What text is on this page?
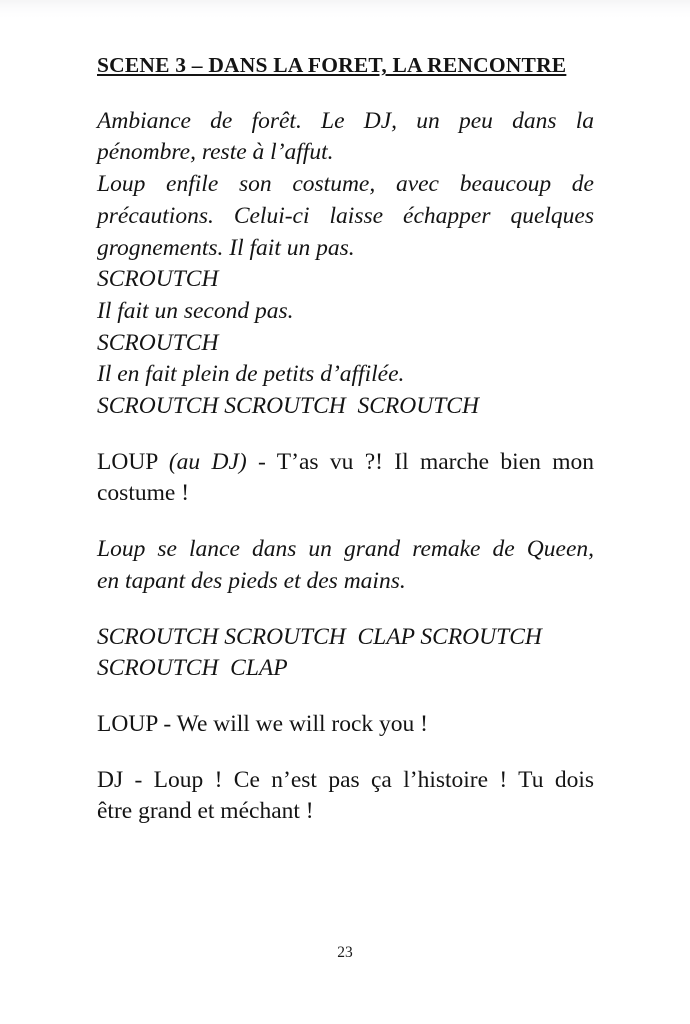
SCENE 3 – DANS LA FORET, LA RENCONTRE
Ambiance de forêt. Le DJ, un peu dans la
pénombre, reste à l’affut.
Loup enfile son costume, avec beaucoup de
précautions. Celui-ci laisse échapper quelques
grognements. Il fait un pas.
SCROUTCH
Il fait un second pas.
SCROUTCH
Il en fait plein de petits d’affilée.
SCROUTCH SCROUTCH  SCROUTCH
LOUP (au DJ) - T’as vu ?! Il marche bien mon
costume !
Loup se lance dans un grand remake de Queen,
en tapant des pieds et des mains.
SCROUTCH SCROUTCH  CLAP SCROUTCH
SCROUTCH  CLAP
LOUP - We will we will rock you !
DJ - Loup ! Ce n’est pas ça l’histoire ! Tu dois
être grand et méchant !
23
